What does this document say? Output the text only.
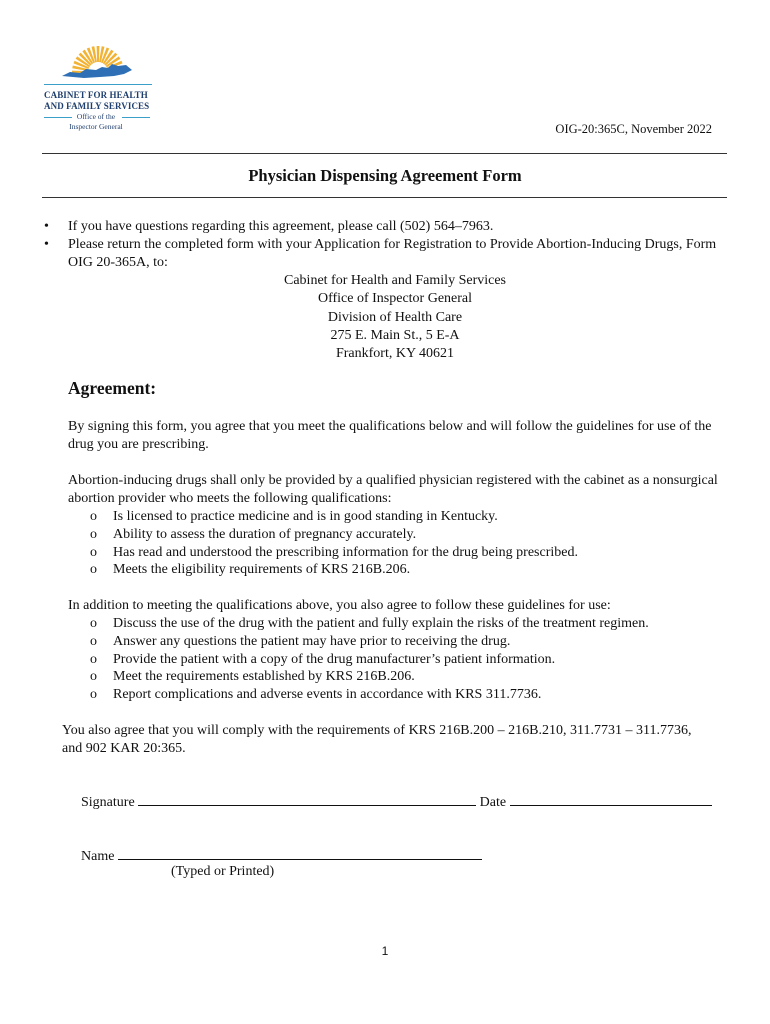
CABINET FOR HEALTH
AND FAMILY SERVICES
Office of the
Inspector General	OIG-20:365C, November 2022
Physician Dispensing Agreement Form
• If you have questions regarding this agreement, please call (502) 564–7963.
• Please return the completed form with your Application for Registration to Provide Abortion-Inducing Drugs, Form OIG 20-365A, to:
Cabinet for Health and Family Services
Office of Inspector General
Division of Health Care
275 E. Main St., 5 E-A
Frankfort, KY 40621
Agreement:
By signing this form, you agree that you meet the qualifications below and will follow the guidelines for use of the drug you are prescribing.
Abortion-inducing drugs shall only be provided by a qualified physician registered with the cabinet as a nonsurgical abortion provider who meets the following qualifications:
o Is licensed to practice medicine and is in good standing in Kentucky.
o Ability to assess the duration of pregnancy accurately.
o Has read and understood the prescribing information for the drug being prescribed.
o Meets the eligibility requirements of KRS 216B.206.
In addition to meeting the qualifications above, you also agree to follow these guidelines for use:
o Discuss the use of the drug with the patient and fully explain the risks of the treatment regimen.
o Answer any questions the patient may have prior to receiving the drug.
o Provide the patient with a copy of the drug manufacturer’s patient information.
o Meet the requirements established by KRS 216B.206.
o Report complications and adverse events in accordance with KRS 311.7736.
You also agree that you will comply with the requirements of KRS 216B.200 – 216B.210, 311.7731 – 311.7736, and 902 KAR 20:365.
Signature	Date
Name
(Typed or Printed)
1
